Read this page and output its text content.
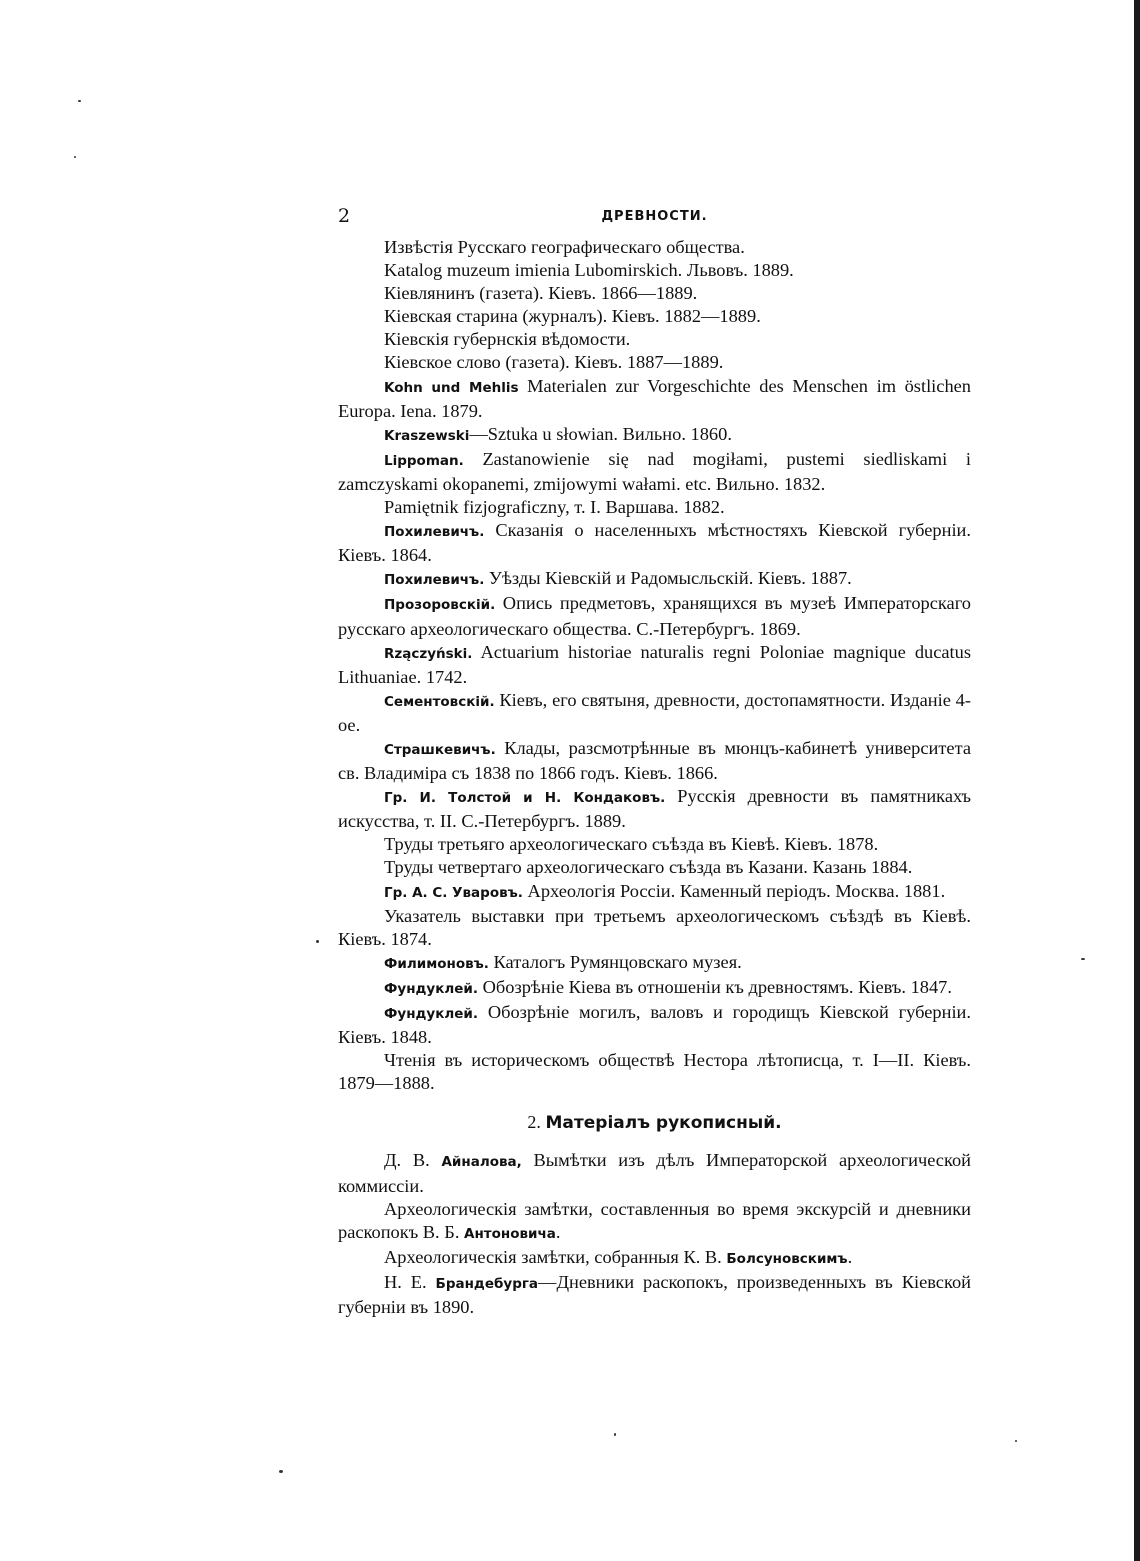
2	ДРЕВНОСТИ.

Извѣстія Русскаго географическаго общества.

Katalog muzeum imienia Lubomirskich. Львовъ. 1889.

Кіевлянинъ (газета). Кіевъ. 1866—1889.

Кіевская старина (журналъ). Кіевъ. 1882—1889.

Кіевскія губернскія вѣдомости.

Кіевское слово (газета). Кіевъ. 1887—1889.

Kohn und Mehlis Materialen zur Vorgeschichte des Menschen im östlichen Europa. Iena. 1879.

Kraszewski—Sztuka u słowian. Вильно. 1860.

Lippoman. Zastanowienie się nad mogiłami, pustemi siedliskami i zamczyskami okopanemi, zmijowymi wałami. etc. Вильно. 1832.

Pamiętnik fizjograficzny, т. I. Варшава. 1882.

Похилевичъ. Сказанія о населенныхъ мѣстностяхъ Кіевской губерніи. Кіевъ. 1864.

Похилевичъ. Уѣзды Кіевскій и Радомысльскій. Кіевъ. 1887.

Прозоровскій. Опись предметовъ, хранящихся въ музеѣ Императорскаго русскаго археологическаго общества. С.-Петербургъ. 1869.

Rzączyński. Actuarium historiae naturalis regni Poloniae magnique ducatus Lithuaniae. 1742.

Сементовскій. Кіевъ, его святыня, древности, достопамятности. Изданіе 4-ое.

Страшкевичъ. Клады, разсмотрѣнные въ мюнцъ-кабинетѣ университета св. Владиміра съ 1838 по 1866 годъ. Кіевъ. 1866.

Гр. И. Толстой и Н. Кондаковъ. Русскія древности въ памятникахъ искусства, т. II. С.-Петербургъ. 1889.

Труды третьяго археологическаго съѣзда въ Кіевѣ. Кіевъ. 1878.

Труды четвертаго археологическаго съѣзда въ Казани. Казань 1884.

Гр. А. С. Уваровъ. Археологія Россіи. Каменный періодъ. Москва. 1881.

Указатель выставки при третьемъ археологическомъ съѣздѣ въ Кіевѣ. Кіевъ. 1874.

Филимоновъ. Каталогъ Румянцовскаго музея.

Фундуклей. Обозрѣніе Кіева въ отношеніи къ древностямъ. Кіевъ. 1847.

Фундуклей. Обозрѣніе могилъ, валовъ и городищъ Кіевской губерніи. Кіевъ. 1848.

Чтенія въ историческомъ обществѣ Нестора лѣтописца, т. I—II. Кіевъ. 1879—1888.

2. Матеріалъ рукописный.

Д. В. Айналова, Вымѣтки изъ дѣлъ Императорской археологической коммиссіи.

Археологическія замѣтки, составленныя во время экскурсій и дневники раскопокъ В. Б. Антоновича.

Археологическія замѣтки, собранныя К. В. Болсуновскимъ.

Н. Е. Брандебурга—Дневники раскопокъ, произведенныхъ въ Кіевской губерніи въ 1890.
